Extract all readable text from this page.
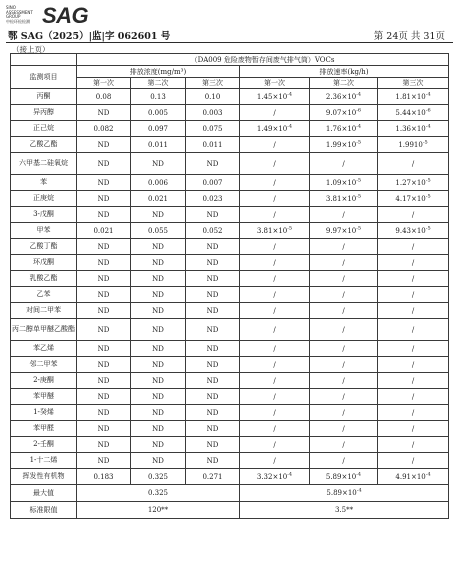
SINO
ASSESSMENT GROUP
中检环检检测 SAG
鄂 SAG（2025）|监|字 062601 号	第 24页 共 31页
（接上页）
	（DA009 危险废物暂存间废气排气筒）VOCs					
监测项目	排放浓度(mg/m³)			排放速率(kg/h)		
	第一次	第二次	第三次	第一次	第二次	第三次
丙酮	0.08	0.13	0.10	$1.45\times 10^{-4}$	$2.36\times 10^{-4}$	$1.81\times 10^{-4}$
异丙醇	ND	0.005	0.003	/	$9.07\times 10^{-6}$	$5.44\times 10^{-6}$
正己烷	0.082	0.097	0.075	$1.49\times 10^{-4}$	$1.76\times 10^{-4}$	$1.36\times 10^{-4}$
乙酸乙酯	ND	0.011	0.011	/	$1.99\times 10^{-5}$	$1.9910^{-5}$
六甲基二硅氧烷	ND	ND	ND	/	/	/
苯	ND	0.006	0.007	/	$1.09\times 10^{-5}$	$1.27\times 10^{-5}$
正庚烷	ND	0.021	0.023	/	$3.81\times 10^{-5}$	$4.17\times 10^{-5}$
3-戊酮	ND	ND	ND	/	/	/
甲苯	0.021	0.055	0.052	$3.81\times 10^{-5}$	$9.97\times 10^{-5}$	$9.43\times 10^{-5}$
乙酸丁酯	ND	ND	ND	/	/	/
环戊酮	ND	ND	ND	/	/	/
乳酸乙酯	ND	ND	ND	/	/	/
乙苯	ND	ND	ND	/	/	/
对间二甲苯	ND	ND	ND	/	/	/
丙二醇单甲醚乙酸酯	ND	ND	ND	/	/	/
苯乙烯	ND	ND	ND	/	/	/
邻二甲苯	ND	ND	ND	/	/	/
2-庚酮	ND	ND	ND	/	/	/
苯甲醚	ND	ND	ND	/	/	/
1-癸烯	ND	ND	ND	/	/	/
苯甲醛	ND	ND	ND	/	/	/
2-壬酮	ND	ND	ND	/	/	/
1-十二烯	ND	ND	ND	/	/	/
挥发性有机物	0.183	0.325	0.271	$3.32\times 10^{-4}$	$5.89\times 10^{-4}$	$4.91\times 10^{-4}$
最大值	0.325			$5.89\times 10^{-4}$
标准限值	120**			3.5**		
